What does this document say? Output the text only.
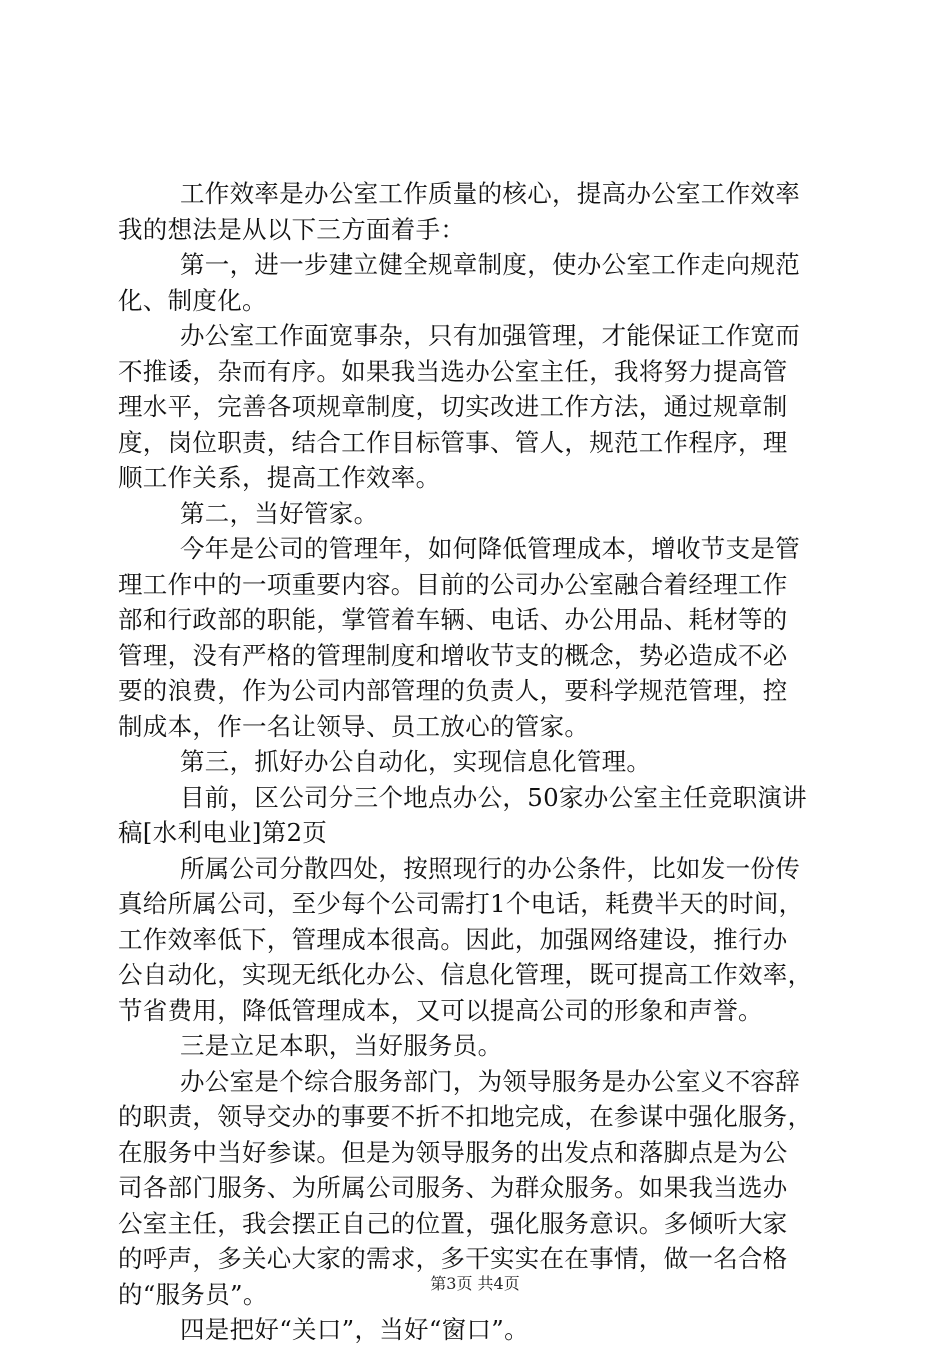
工作效率是办公室工作质量的核心，提高办公室工作效率
我的想法是从以下三方面着手：
第一，进一步建立健全规章制度，使办公室工作走向规范
化、制度化。
办公室工作面宽事杂，只有加强管理，才能保证工作宽而
不推诿，杂而有序。如果我当选办公室主任，我将努力提高管
理水平，完善各项规章制度，切实改进工作方法，通过规章制
度，岗位职责，结合工作目标管事、管人，规范工作程序，理
顺工作关系，提高工作效率。
第二，当好管家。
今年是公司的管理年，如何降低管理成本，增收节支是管
理工作中的一项重要内容。目前的公司办公室融合着经理工作
部和行政部的职能，掌管着车辆、电话、办公用品、耗材等的
管理，没有严格的管理制度和增收节支的概念，势必造成不必
要的浪费，作为公司内部管理的负责人，要科学规范管理，控
制成本，作一名让领导、员工放心的管家。
第三，抓好办公自动化，实现信息化管理。
目前，区公司分三个地点办公，50家办公室主任竞职演讲
稿[水利电业]第2页
所属公司分散四处，按照现行的办公条件，比如发一份传
真给所属公司，至少每个公司需打1个电话，耗费半天的时间，
工作效率低下，管理成本很高。因此，加强网络建设，推行办
公自动化，实现无纸化办公、信息化管理，既可提高工作效率，
节省费用，降低管理成本，又可以提高公司的形象和声誉。
三是立足本职，当好服务员。
办公室是个综合服务部门，为领导服务是办公室义不容辞
的职责，领导交办的事要不折不扣地完成，在参谋中强化服务，
在服务中当好参谋。但是为领导服务的出发点和落脚点是为公
司各部门服务、为所属公司服务、为群众服务。如果我当选办
公室主任，我会摆正自己的位置，强化服务意识。多倾听大家
的呼声，多关心大家的需求，多干实实在在事情，做一名合格
的“服务员”。
四是把好“关口”，当好“窗口”。
第3页 共4页
